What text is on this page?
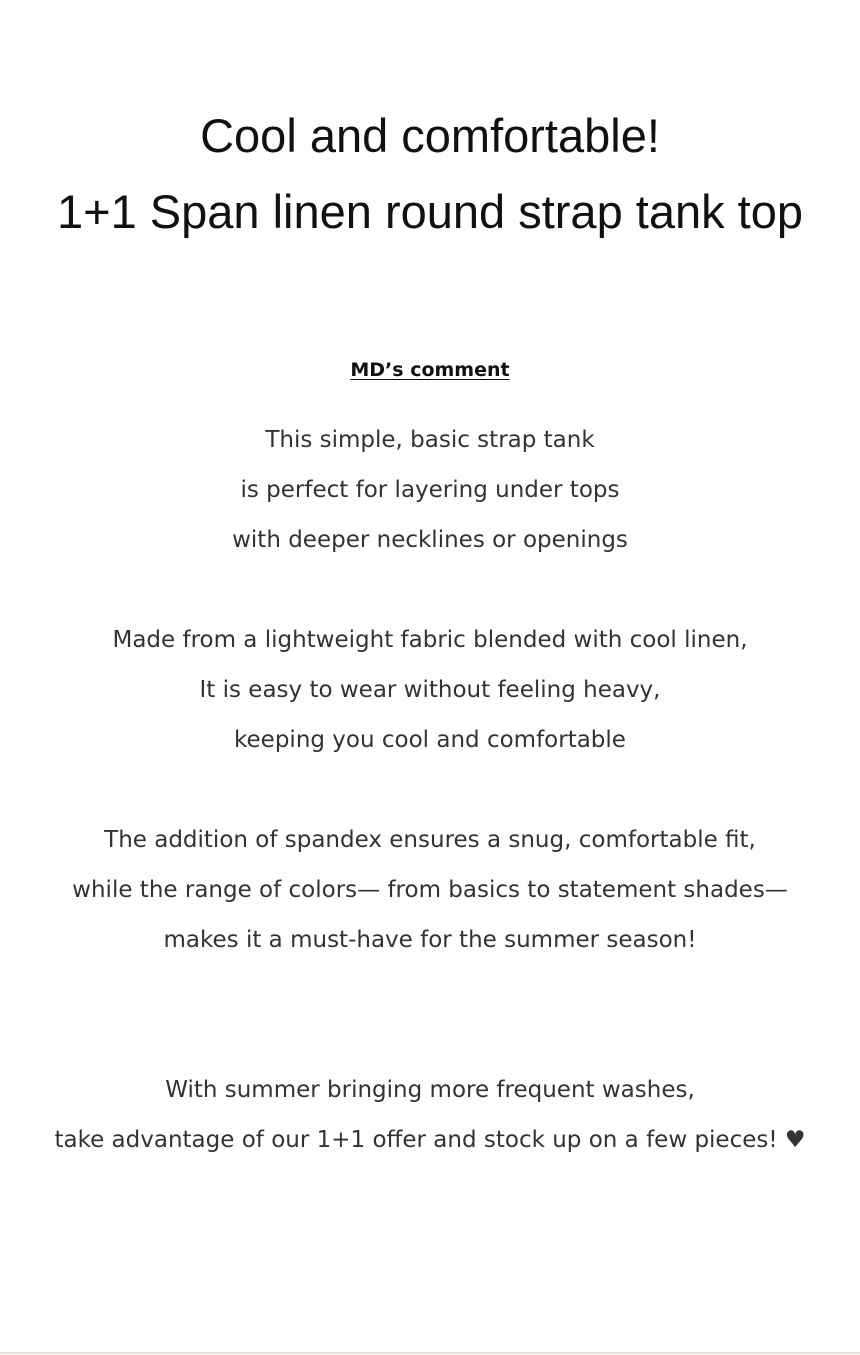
Cool and comfortable!
1+1 Span linen round strap tank top
MD’s comment
This simple, basic strap tank
is perfect for layering under tops
with deeper necklines or openings
Made from a lightweight fabric blended with cool linen,
It is easy to wear without feeling heavy,
keeping you cool and comfortable
The addition of spandex ensures a snug, comfortable fit,
while the range of colors— from basics to statement shades—
makes it a must-have for the summer season!
With summer bringing more frequent washes,
take advantage of our 1+1 offer and stock up on a few pieces! ♥
